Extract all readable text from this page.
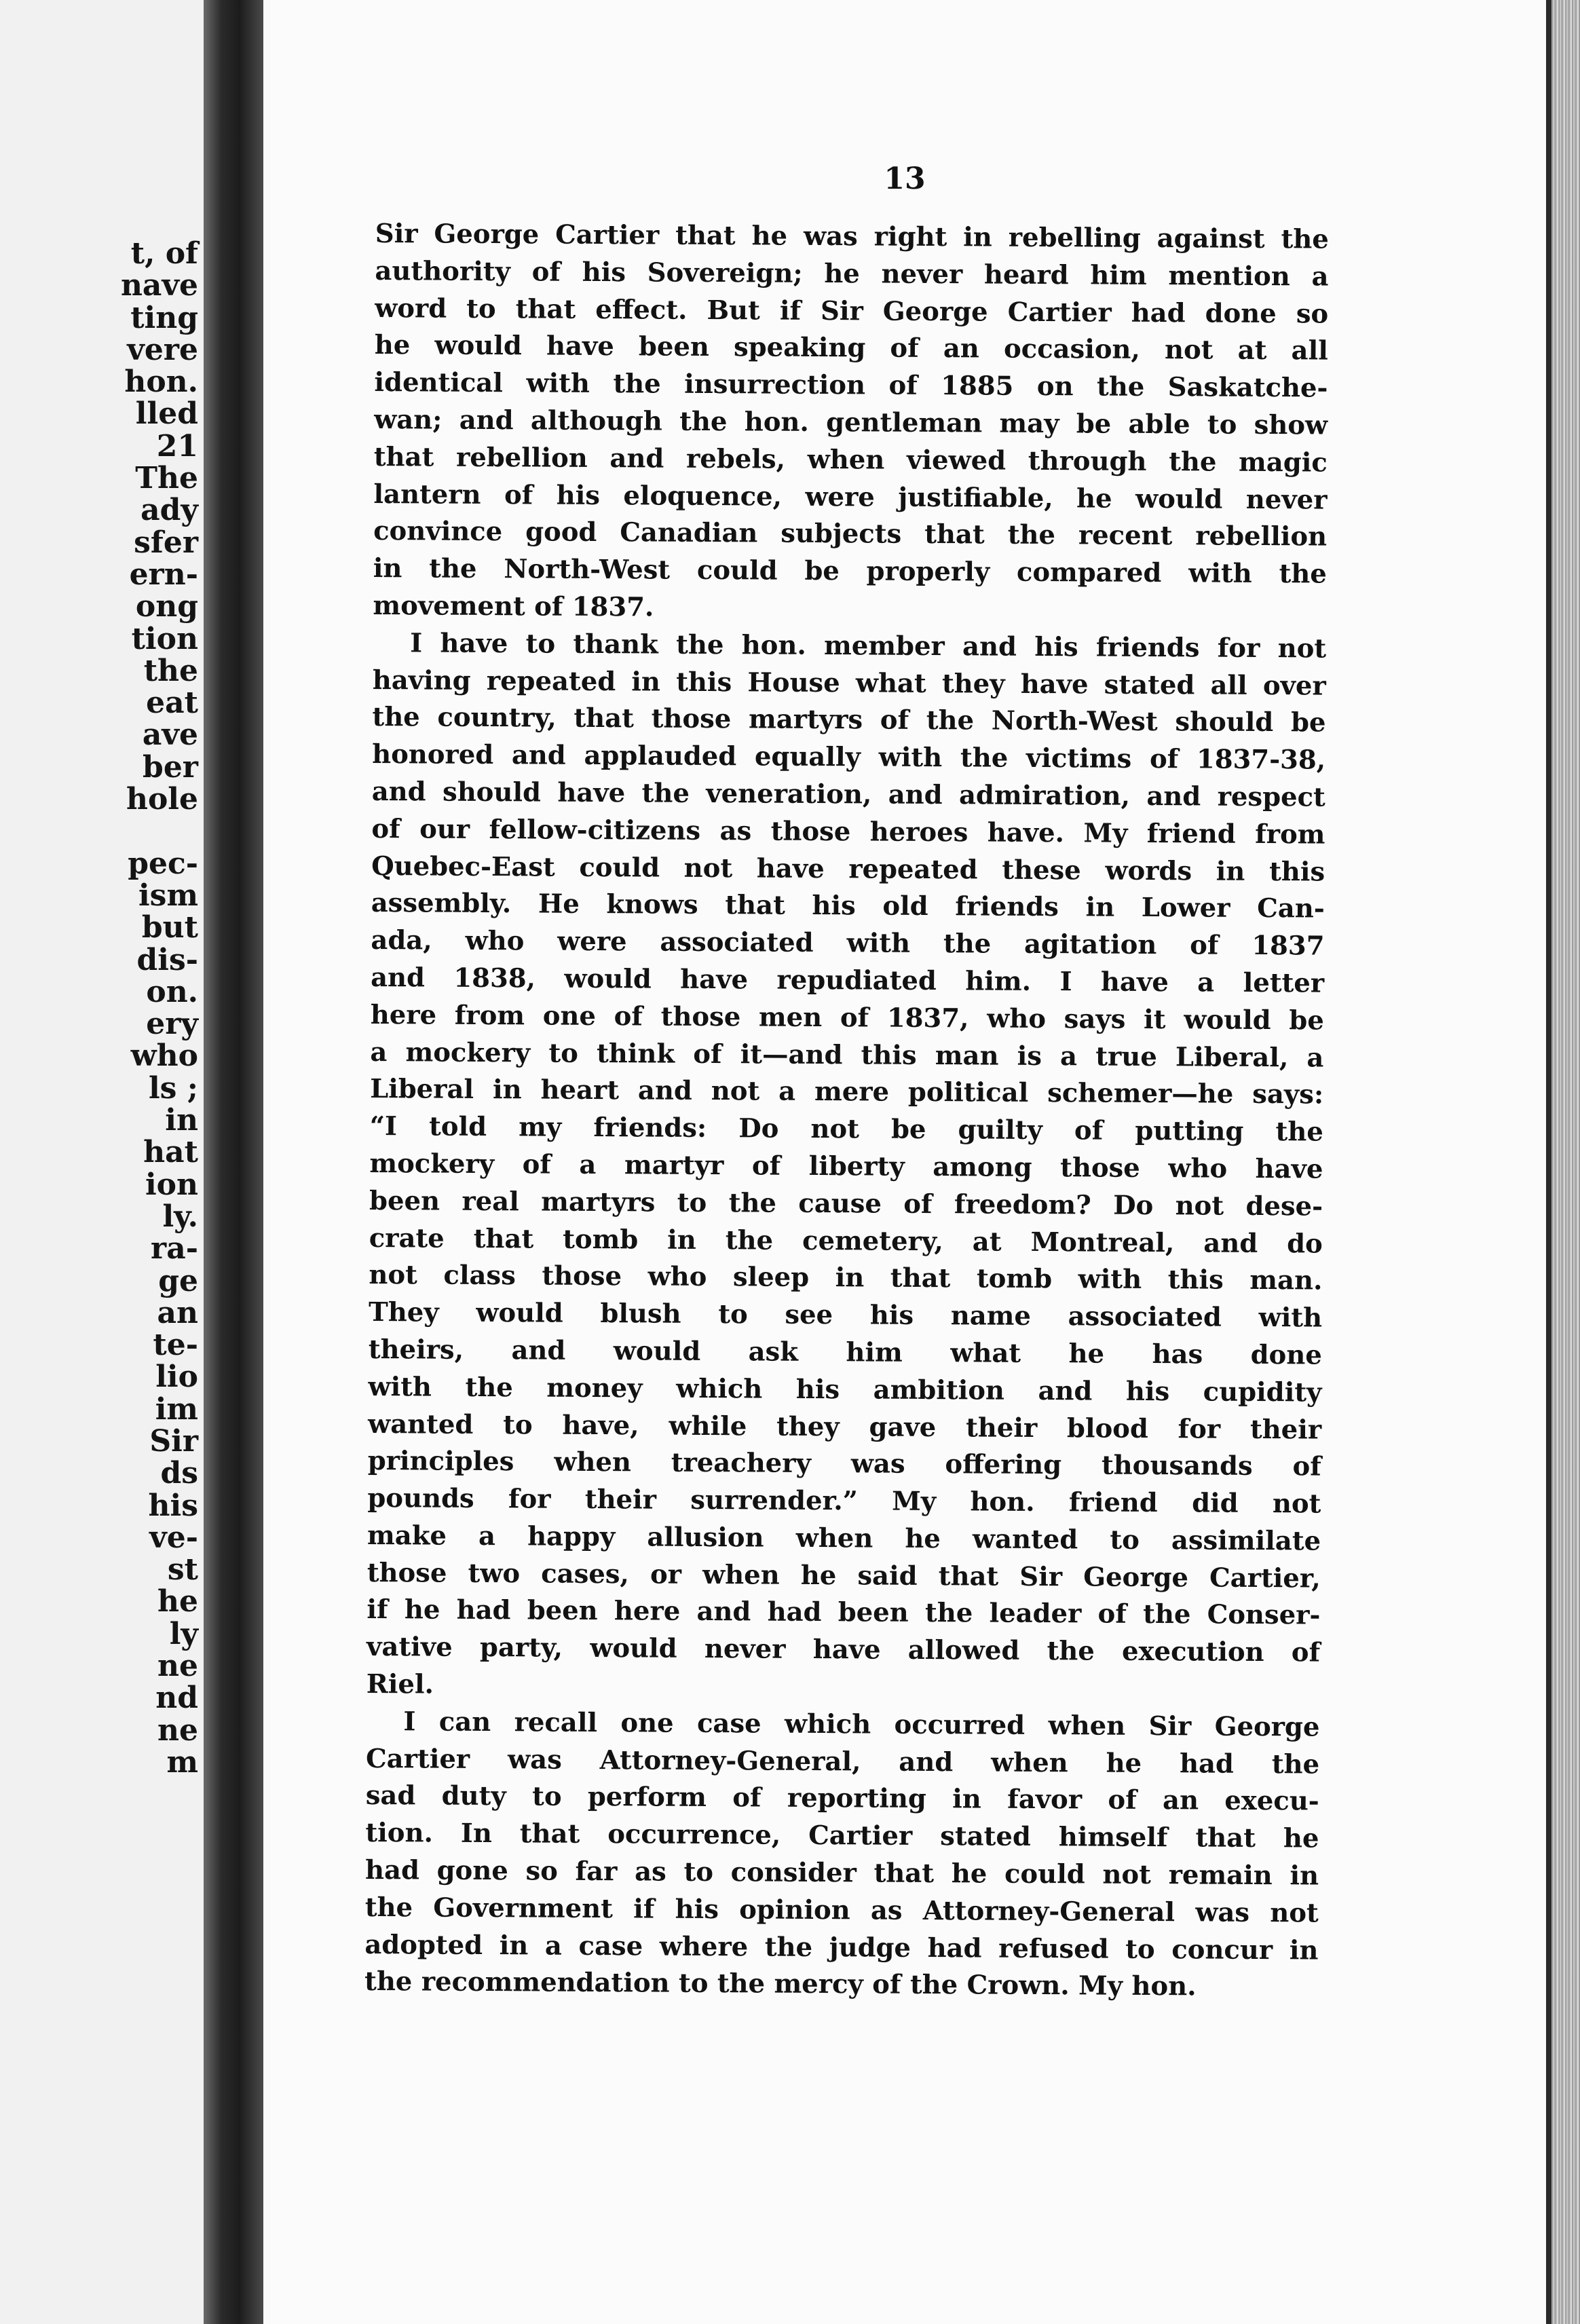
t, of
nave
ting
vere
hon.
lled
21
The
ady
sfer
ern-
ong
tion
the
eat
ave
ber
hole
pec-
ism
but
dis-
on.
ery
who
ls ;
in
hat
ion
ly.
ra-
ge
an
te-
lio
im
Sir
ds
his
ve-
st
he
ly
ne
nd
ne
m
13
Sir George Cartier that he was right in rebelling against the
authority of his Sovereign; he never heard him mention a
word to that effect. But if Sir George Cartier had done so
he would have been speaking of an occasion, not at all
identical with the insurrection of 1885 on the Saskatche-
wan; and although the hon. gentleman may be able to show
that rebellion and rebels, when viewed through the magic
lantern of his eloquence, were justifiable, he would never
convince good Canadian subjects that the recent rebellion
in the North-West could be properly compared with the
movement of 1837.
I have to thank the hon. member and his friends for not
having repeated in this House what they have stated all over
the country, that those martyrs of the North-West should be
honored and applauded equally with the victims of 1837-38,
and should have the veneration, and admiration, and respect
of our fellow-citizens as those heroes have. My friend from
Quebec-East could not have repeated these words in this
assembly. He knows that his old friends in Lower Can-
ada, who were associated with the agitation of 1837
and 1838, would have repudiated him. I have a letter
here from one of those men of 1837, who says it would be
a mockery to think of it—and this man is a true Liberal, a
Liberal in heart and not a mere political schemer—he says:
“I told my friends: Do not be guilty of putting the
mockery of a martyr of liberty among those who have
been real martyrs to the cause of freedom? Do not dese-
crate that tomb in the cemetery, at Montreal, and do
not class those who sleep in that tomb with this man.
They would blush to see his name associated with
theirs, and would ask him what he has done
with the money which his ambition and his cupidity
wanted to have, while they gave their blood for their
principles when treachery was offering thousands of
pounds for their surrender.” My hon. friend did not
make a happy allusion when he wanted to assimilate
those two cases, or when he said that Sir George Cartier,
if he had been here and had been the leader of the Conser-
vative party, would never have allowed the execution of
Riel.
I can recall one case which occurred when Sir George
Cartier was Attorney-General, and when he had the
sad duty to perform of reporting in favor of an execu-
tion. In that occurrence, Cartier stated himself that he
had gone so far as to consider that he could not remain in
the Government if his opinion as Attorney-General was not
adopted in a case where the judge had refused to concur in
the recommendation to the mercy of the Crown. My hon.
